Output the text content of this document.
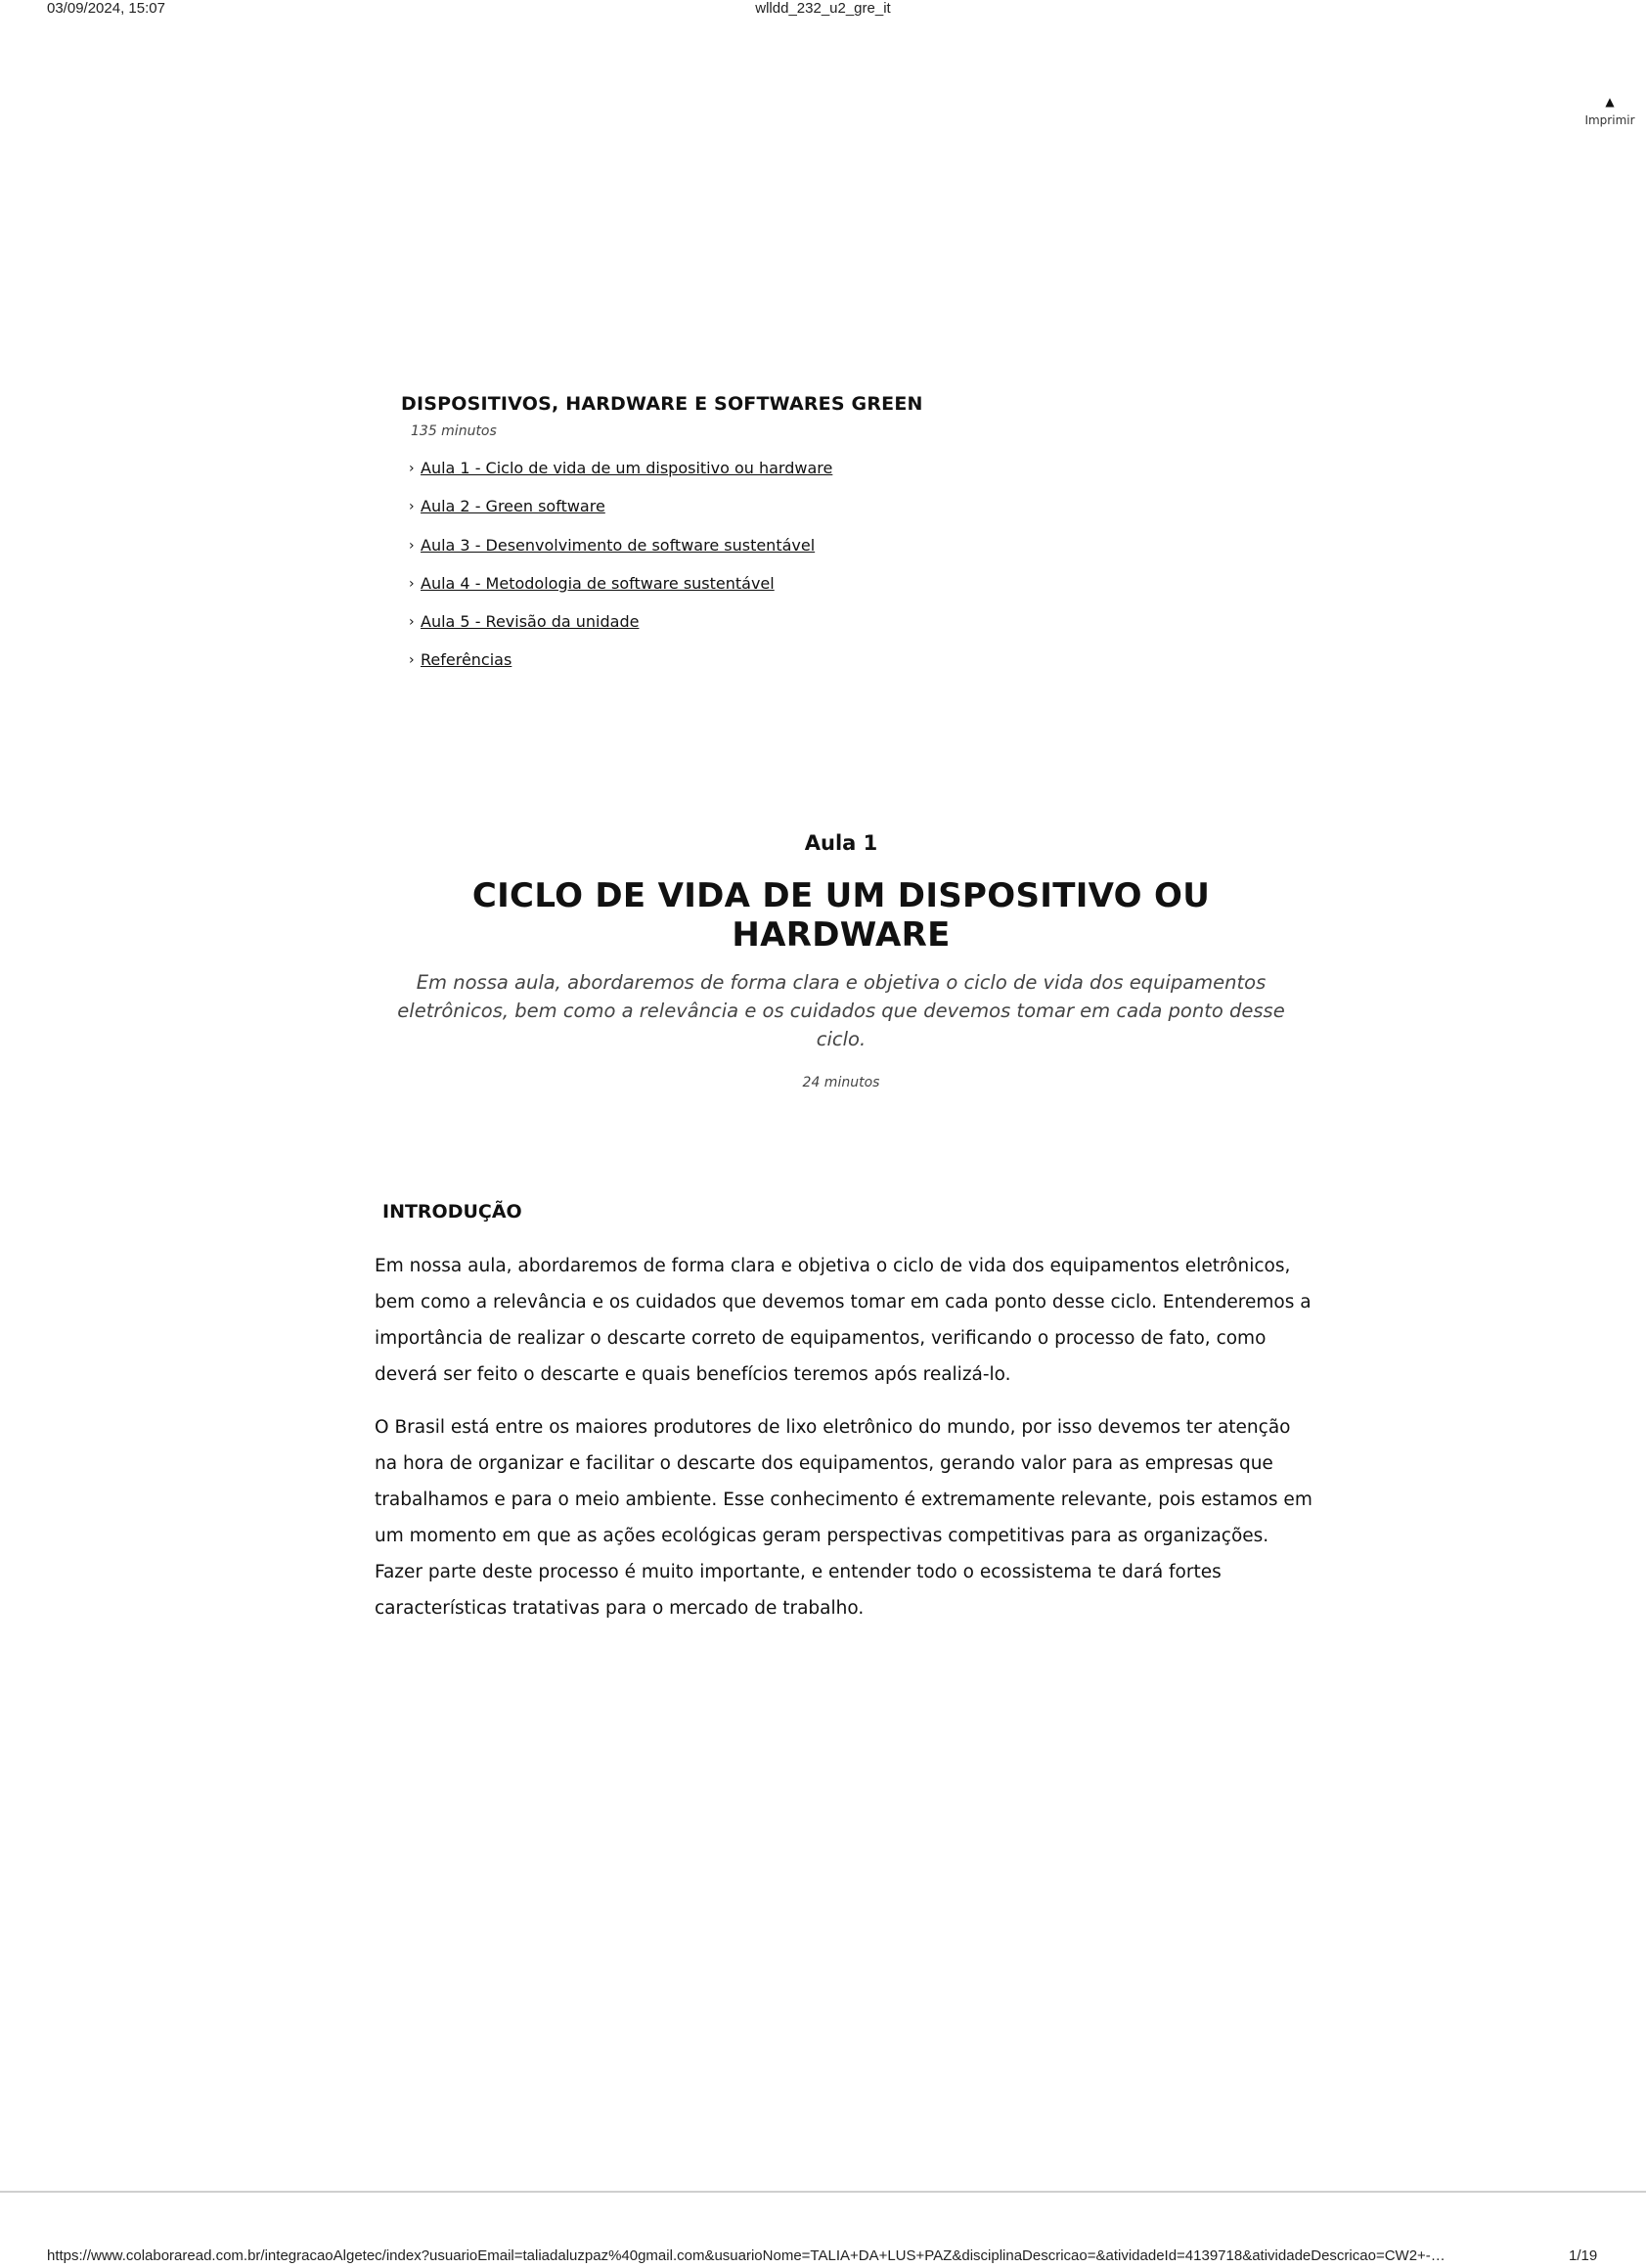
03/09/2024, 15:07	wlldd_232_u2_gre_it
▲
Imprimir
DISPOSITIVOS, HARDWARE E SOFTWARES GREEN
135 minutos
› Aula 1 - Ciclo de vida de um dispositivo ou hardware
› Aula 2 - Green software
› Aula 3 - Desenvolvimento de software sustentável
› Aula 4 - Metodologia de software sustentável
› Aula 5 - Revisão da unidade
› Referências
Aula 1
CICLO DE VIDA DE UM DISPOSITIVO OU HARDWARE
Em nossa aula, abordaremos de forma clara e objetiva o ciclo de vida dos equipamentos eletrônicos, bem como a relevância e os cuidados que devemos tomar em cada ponto desse ciclo.
24 minutos
INTRODUÇÃO

Em nossa aula, abordaremos de forma clara e objetiva o ciclo de vida dos equipamentos eletrônicos, bem como a relevância e os cuidados que devemos tomar em cada ponto desse ciclo. Entenderemos a importância de realizar o descarte correto de equipamentos, verificando o processo de fato, como deverá ser feito o descarte e quais benefícios teremos após realizá-lo.

O Brasil está entre os maiores produtores de lixo eletrônico do mundo, por isso devemos ter atenção na hora de organizar e facilitar o descarte dos equipamentos, gerando valor para as empresas que trabalhamos e para o meio ambiente. Esse conhecimento é extremamente relevante, pois estamos em um momento em que as ações ecológicas geram perspectivas competitivas para as organizações. Fazer parte deste processo é muito importante, e entender todo o ecossistema te dará fortes características tratativas para o mercado de trabalho.

https://www.colaboraread.com.br/integracaoAlgetec/index?usuarioEmail=taliadaluzpaz%40gmail.com&usuarioNome=TALIA+DA+LUS+PAZ&disciplinaDescricao=&atividadeId=4139718&atividadeDescricao=CW2+-…	1/19
